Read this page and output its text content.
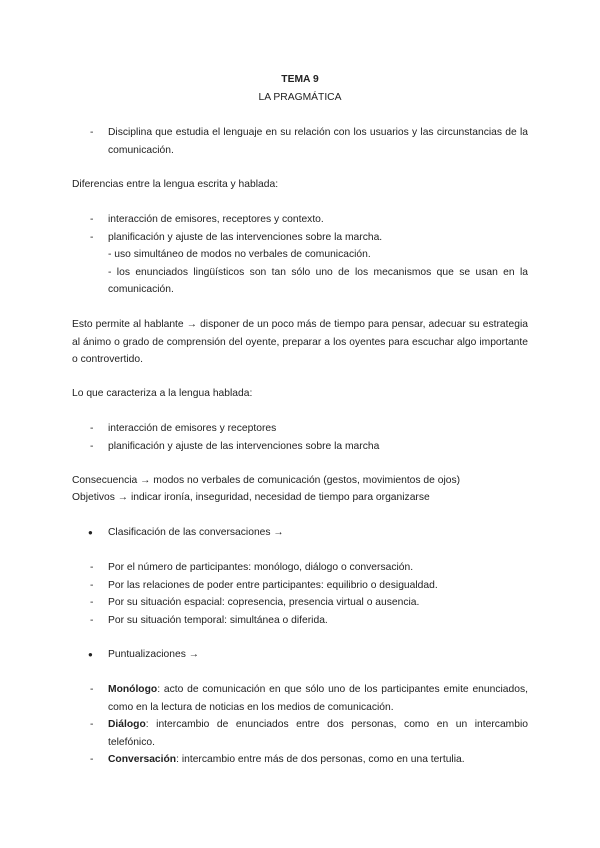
TEMA 9
LA PRAGMÁTICA
- Disciplina que estudia el lenguaje en su relación con los usuarios y las circunstancias de la comunicación.
Diferencias entre la lengua escrita y hablada:
- interacción de emisores, receptores y contexto.
- planificación y ajuste de las intervenciones sobre la marcha.
- uso simultáneo de modos no verbales de comunicación.
- los enunciados lingüísticos son tan sólo uno de los mecanismos que se usan en la comunicación.
Esto permite al hablante → disponer de un poco más de tiempo para pensar, adecuar su estrategia al ánimo o grado de comprensión del oyente, preparar a los oyentes para escuchar algo importante o controvertido.
Lo que caracteriza a la lengua hablada:
- interacción de emisores y receptores
- planificación y ajuste de las intervenciones sobre la marcha
Consecuencia → modos no verbales de comunicación (gestos, movimientos de ojos)
Objetivos → indicar ironía, inseguridad, necesidad de tiempo para organizarse
● Clasificación de las conversaciones →
- Por el número de participantes: monólogo, diálogo o conversación.
- Por las relaciones de poder entre participantes: equilibrio o desigualdad.
- Por su situación espacial: copresencia, presencia virtual o ausencia.
- Por su situación temporal: simultánea o diferida.
● Puntualizaciones →
- Monólogo: acto de comunicación en que sólo uno de los participantes emite enunciados, como en la lectura de noticias en los medios de comunicación.
- Diálogo: intercambio de enunciados entre dos personas, como en un intercambio telefónico.
- Conversación: intercambio entre más de dos personas, como en una tertulia.
